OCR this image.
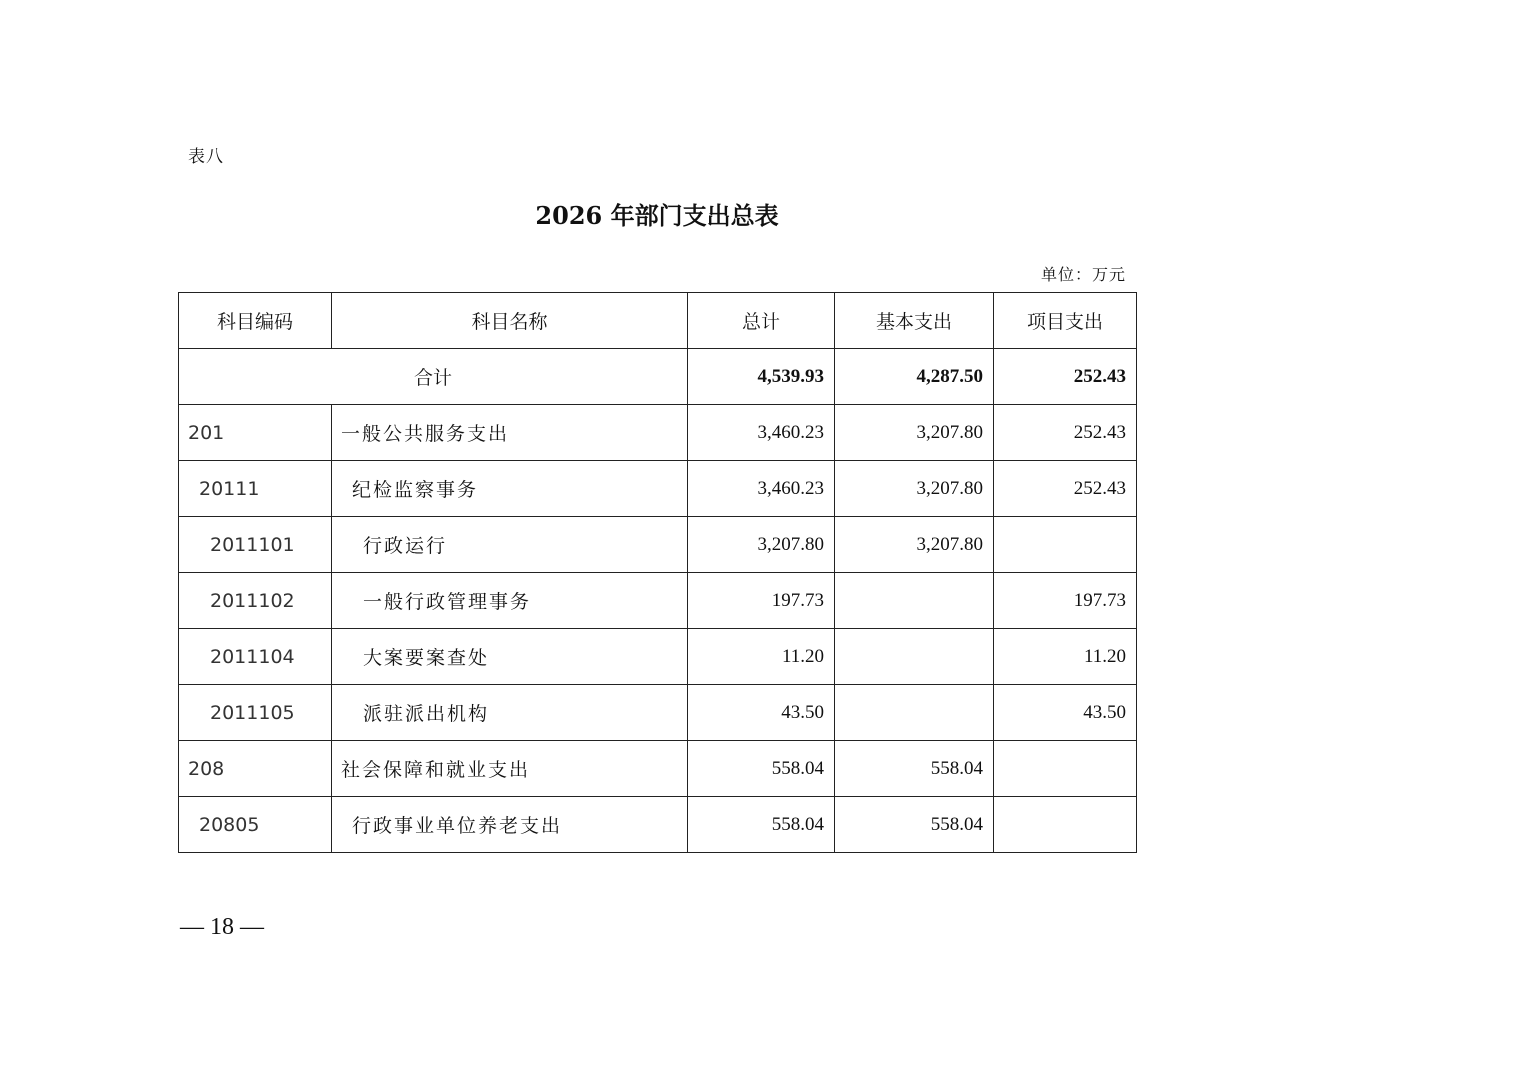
表八
2026 年部门支出总表
单位：万元
科目编码	科目名称	总计	基本支出	项目支出
合计		4,539.93	4,287.50	252.43
201	一般公共服务支出	3,460.23	3,207.80	252.43
20111	纪检监察事务	3,460.23	3,207.80	252.43
2011101	行政运行	3,207.80	3,207.80	
2011102	一般行政管理事务	197.73		197.73
2011104	大案要案查处	11.20		11.20
2011105	派驻派出机构	43.50		43.50
208	社会保障和就业支出	558.04	558.04	
20805	行政事业单位养老支出	558.04	558.04	
— 18 —
